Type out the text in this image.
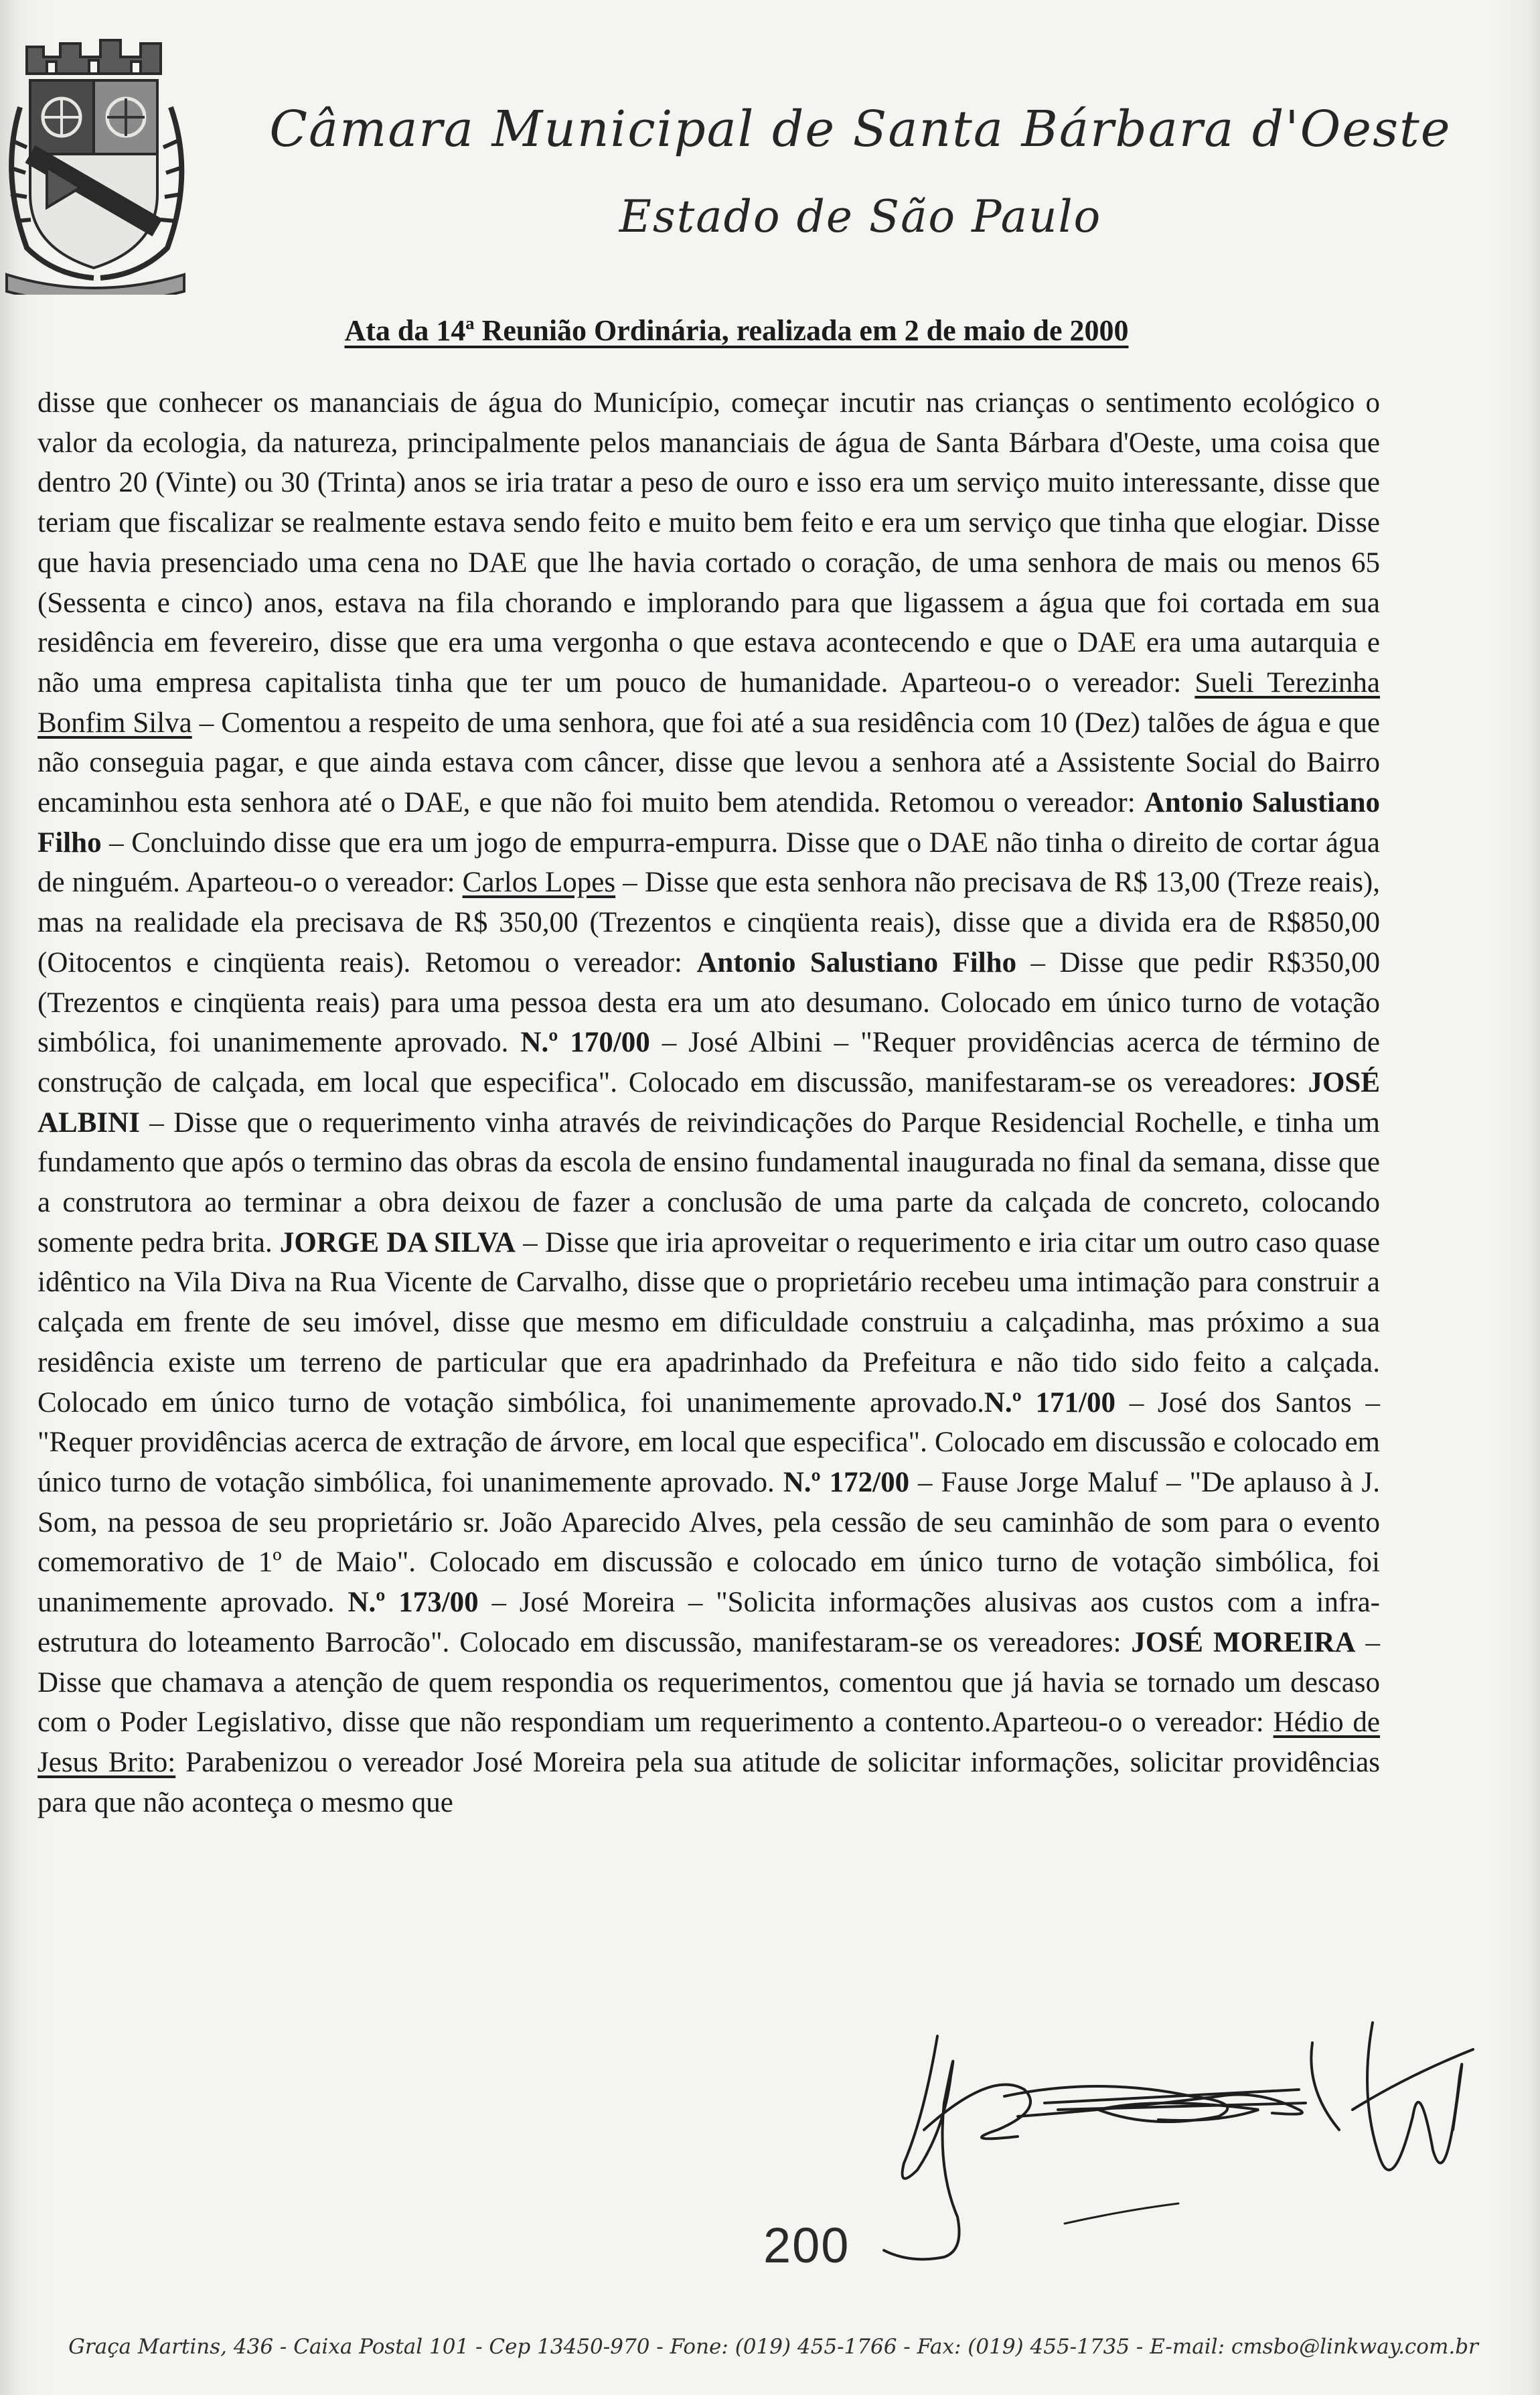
Câmara Municipal de Santa Bárbara d'Oeste
Estado de São Paulo
Ata da 14ª Reunião Ordinária, realizada em 2 de maio de 2000

disse que conhecer os mananciais de água do Município, começar incutir nas crianças o sentimento ecológico o valor da ecologia, da natureza, principalmente pelos mananciais de água de Santa Bárbara d'Oeste, uma coisa que dentro 20 (Vinte) ou 30 (Trinta) anos se iria tratar a peso de ouro e isso era um serviço muito interessante, disse que teriam que fiscalizar se realmente estava sendo feito e muito bem feito e era um serviço que tinha que elogiar. Disse que havia presenciado uma cena no DAE que lhe havia cortado o coração, de uma senhora de mais ou menos 65 (Sessenta e cinco) anos, estava na fila chorando e implorando para que ligassem a água que foi cortada em sua residência em fevereiro, disse que era uma vergonha o que estava acontecendo e que o DAE era uma autarquia e não uma empresa capitalista tinha que ter um pouco de humanidade. Aparteou-o o vereador: Sueli Terezinha Bonfim Silva – Comentou a respeito de uma senhora, que foi até a sua residência com 10 (Dez) talões de água e que não conseguia pagar, e que ainda estava com câncer, disse que levou a senhora até a Assistente Social do Bairro encaminhou esta senhora até o DAE, e que não foi muito bem atendida. Retomou o vereador: Antonio Salustiano Filho – Concluindo disse que era um jogo de empurra-empurra. Disse que o DAE não tinha o direito de cortar água de ninguém. Aparteou-o o vereador: Carlos Lopes – Disse que esta senhora não precisava de R$ 13,00 (Treze reais), mas na realidade ela precisava de R$ 350,00 (Trezentos e cinqüenta reais), disse que a divida era de R$850,00 (Oitocentos e cinqüenta reais). Retomou o vereador: Antonio Salustiano Filho – Disse que pedir R$350,00 (Trezentos e cinqüenta reais) para uma pessoa desta era um ato desumano. Colocado em único turno de votação simbólica, foi unanimemente aprovado. N.º 170/00 – José Albini – "Requer providências acerca de término de construção de calçada, em local que especifica". Colocado em discussão, manifestaram-se os vereadores: JOSÉ ALBINI – Disse que o requerimento vinha através de reivindicações do Parque Residencial Rochelle, e tinha um fundamento que após o termino das obras da escola de ensino fundamental inaugurada no final da semana, disse que a construtora ao terminar a obra deixou de fazer a conclusão de uma parte da calçada de concreto, colocando somente pedra brita. JORGE DA SILVA – Disse que iria aproveitar o requerimento e iria citar um outro caso quase idêntico na Vila Diva na Rua Vicente de Carvalho, disse que o proprietário recebeu uma intimação para construir a calçada em frente de seu imóvel, disse que mesmo em dificuldade construiu a calçadinha, mas próximo a sua residência existe um terreno de particular que era apadrinhado da Prefeitura e não tido sido feito a calçada. Colocado em único turno de votação simbólica, foi unanimemente aprovado.N.º 171/00 – José dos Santos – "Requer providências acerca de extração de árvore, em local que especifica". Colocado em discussão e colocado em único turno de votação simbólica, foi unanimemente aprovado. N.º 172/00 – Fause Jorge Maluf – "De aplauso à J. Som, na pessoa de seu proprietário sr. João Aparecido Alves, pela cessão de seu caminhão de som para o evento comemorativo de 1º de Maio". Colocado em discussão e colocado em único turno de votação simbólica, foi unanimemente aprovado. N.º 173/00 – José Moreira – "Solicita informações alusivas aos custos com a infra-estrutura do loteamento Barrocão". Colocado em discussão, manifestaram-se os vereadores: JOSÉ MOREIRA – Disse que chamava a atenção de quem respondia os requerimentos, comentou que já havia se tornado um descaso com o Poder Legislativo, disse que não respondiam um requerimento a contento.Aparteou-o o vereador: Hédio de Jesus Brito: Parabenizou o vereador José Moreira pela sua atitude de solicitar informações, solicitar providências para que não aconteça o mesmo que

200
Graça Martins, 436 - Caixa Postal 101 - Cep 13450-970 - Fone: (019) 455-1766 - Fax: (019) 455-1735 - E-mail: cmsbo@linkway.com.br
